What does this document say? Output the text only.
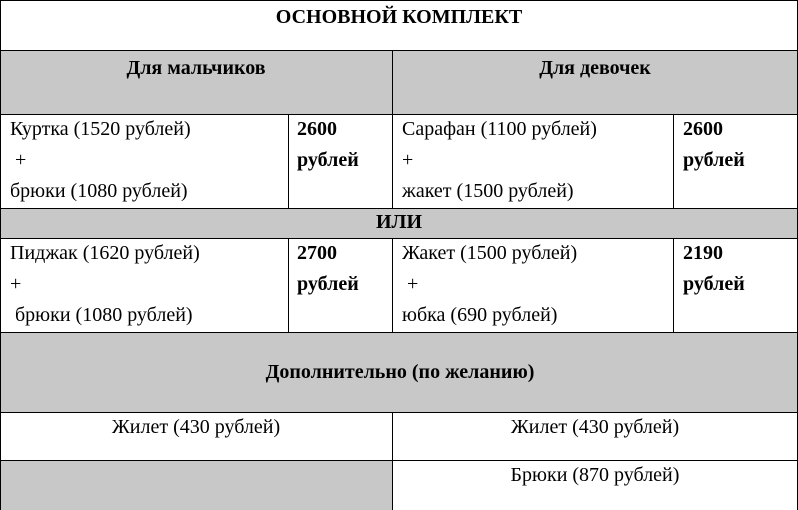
ОСНОВНОЙ КОМПЛЕКТ
Для мальчиков	Для девочек
Куртка (1520 рублей)
+
брюки (1080 рублей)
2600
рублей
Сарафан (1100 рублей)
+
жакет (1500 рублей)
2600
рублей
ИЛИ
Пиджак (1620 рублей)
+
брюки (1080 рублей)
2700
рублей
Жакет (1500 рублей)
+
юбка (690 рублей)
2190
рублей
Дополнительно (по желанию)
Жилет (430 рублей)	Жилет (430 рублей)
Брюки (870 рублей)
